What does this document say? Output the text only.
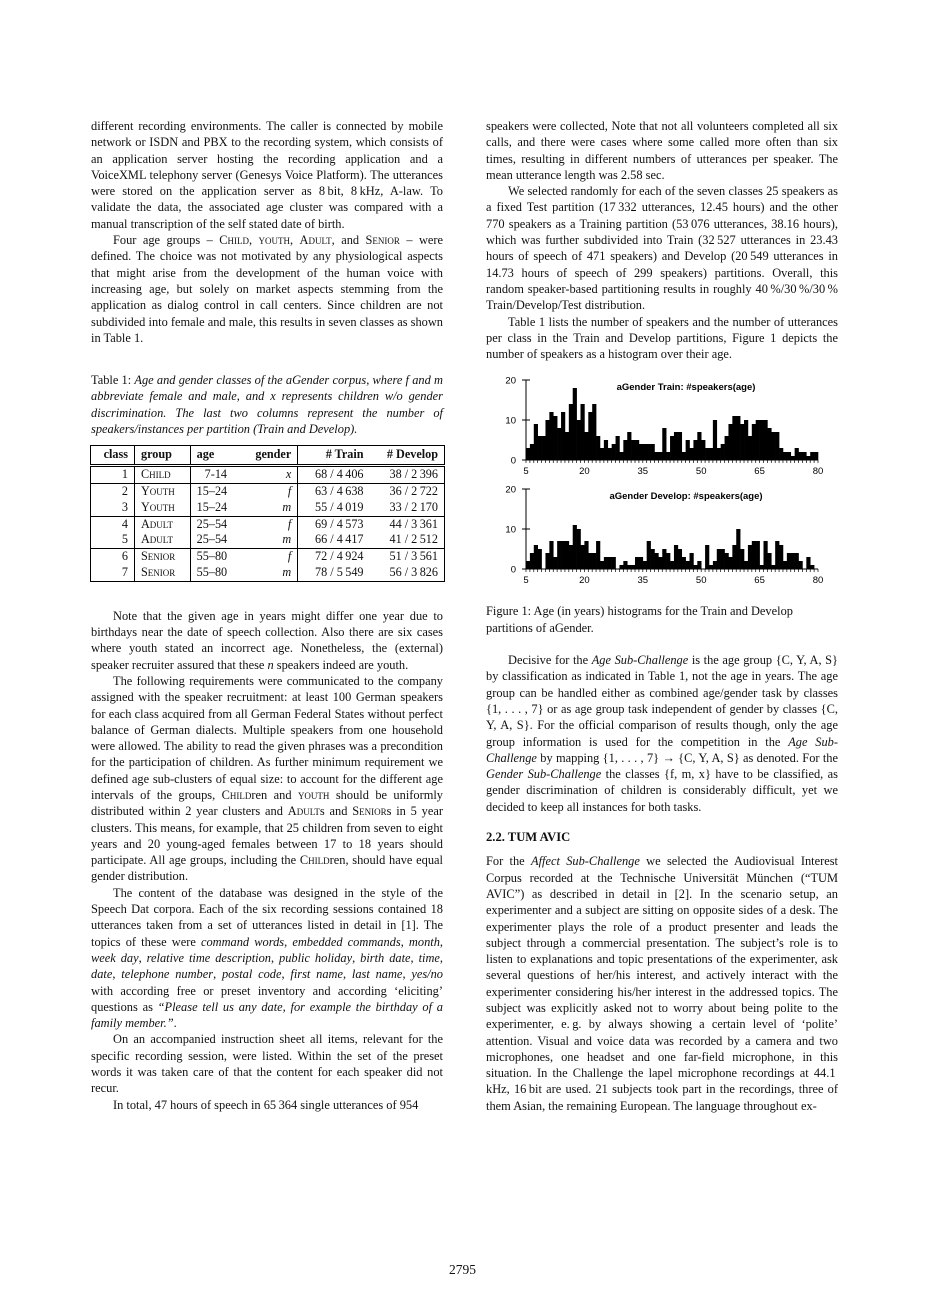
different recording environments. The caller is connected by mobile network or ISDN and PBX to the recording system, which consists of an application server hosting the recording application and a VoiceXML telephony server (Genesys Voice Platform). The utterances were stored on the application server as 8 bit, 8 kHz, A-law. To validate the data, the associated age cluster was compared with a manual transcription of the self stated date of birth.

Four age groups – Child, youth, Adult, and Senior – were defined. The choice was not motivated by any physiological aspects that might arise from the development of the human voice with increasing age, but solely on market aspects stemming from the application as dialog control in call centers. Since children are not subdivided into female and male, this results in seven classes as shown in Table 1.

Table 1: Age and gender classes of the aGender corpus, where f and m abbreviate female and male, and x represents children w/o gender discrimination. The last two columns represent the number of speakers/instances per partition (Train and Develop).

class	group	age	gender	# Train	# Develop
1	Child	7-14	x	68 / 4 406	38 / 2 396
2	Youth	15–24	f	63 / 4 638	36 / 2 722
3	Youth	15–24	m	55 / 4 019	33 / 2 170
4	Adult	25–54	f	69 / 4 573	44 / 3 361
5	Adult	25–54	m	66 / 4 417	41 / 2 512
6	Senior	55–80	f	72 / 4 924	51 / 3 561
7	Senior	55–80	m	78 / 5 549	56 / 3 826

Note that the given age in years might differ one year due to birthdays near the date of speech collection. Also there are six cases where youth stated an incorrect age. Nonetheless, the (external) speaker recruiter assured that these n speakers indeed are youth.

The following requirements were communicated to the company assigned with the speaker recruitment: at least 100 German speakers for each class acquired from all German Federal States without perfect balance of German dialects. Multiple speakers from one household were allowed. The ability to read the given phrases was a precondition for the participation of children. As further minimum requirement we defined age sub-clusters of equal size: to account for the different age intervals of the groups, Children and youth should be uniformly distributed within 2 year clusters and Adults and Seniors in 5 year clusters. This means, for example, that 25 children from seven to eight years and 20 young-aged females between 17 to 18 years should participate. All age groups, including the Children, should have equal gender distribution.

The content of the database was designed in the style of the Speech Dat corpora. Each of the six recording sessions contained 18 utterances taken from a set of utterances listed in detail in [1]. The topics of these were command words, embedded commands, month, week day, relative time description, public holiday, birth date, time, date, telephone number, postal code, first name, last name, yes/no with according free or preset inventory and according ‘eliciting’ questions as “Please tell us any date, for example the birthday of a family member.”.

On an accompanied instruction sheet all items, relevant for the specific recording session, were listed. Within the set of the preset words it was taken care of that the content for each speaker did not recur.

In total, 47 hours of speech in 65 364 single utterances of 954

speakers were collected, Note that not all volunteers completed all six calls, and there were cases where some called more often than six times, resulting in different numbers of utterances per speaker. The mean utterance length was 2.58 sec.

We selected randomly for each of the seven classes 25 speakers as a fixed Test partition (17 332 utterances, 12.45 hours) and the other 770 speakers as a Training partition (53 076 utterances, 38.16 hours), which was further subdivided into Train (32 527 utterances in 23.43 hours of speech of 471 speakers) and Develop (20 549 utterances in 14.73 hours of speech of 299 speakers) partitions. Overall, this random speaker-based partitioning results in roughly 40 %/30 %/30 % Train/Develop/Test distribution.

Table 1 lists the number of speakers and the number of utterances per class in the Train and Develop partitions, Figure 1 depicts the number of speakers as a histogram over their age.

0
10
20
5	20	35	50	65	80
aGender Train: #speakers(age)
0
10
20
5	20	35	50	65	80
aGender Develop: #speakers(age)

Figure 1: Age (in years) histograms for the Train and Develop partitions of aGender.

Decisive for the Age Sub-Challenge is the age group {C, Y, A, S} by classification as indicated in Table 1, not the age in years. The age group can be handled either as combined age/gender task by classes {1, . . . , 7} or as age group task independent of gender by classes {C, Y, A, S}. For the official comparison of results though, only the age group information is used for the competition in the Age Sub-Challenge by mapping {1, . . . , 7} → {C, Y, A, S} as denoted. For the Gender Sub-Challenge the classes {f, m, x} have to be classified, as gender discrimination of children is considerably difficult, yet we decided to keep all instances for both tasks.

2.2. TUM AVIC

For the Affect Sub-Challenge we selected the Audiovisual Interest Corpus recorded at the Technische Universität München (“TUM AVIC”) as described in detail in [2]. In the scenario setup, an experimenter and a subject are sitting on opposite sides of a desk. The experimenter plays the role of a product presenter and leads the subject through a commercial presentation. The subject’s role is to listen to explanations and topic presentations of the experimenter, ask several questions of her/his interest, and actively interact with the experimenter considering his/her interest in the addressed topics. The subject was explicitly asked not to worry about being polite to the experimenter, e. g. by always showing a certain level of ‘polite’ attention. Visual and voice data was recorded by a camera and two microphones, one headset and one far-field microphone, in this situation. In the Challenge the lapel microphone recordings at 44.1 kHz, 16 bit are used. 21 subjects took part in the recordings, three of them Asian, the remaining European. The language throughout ex-

2795
